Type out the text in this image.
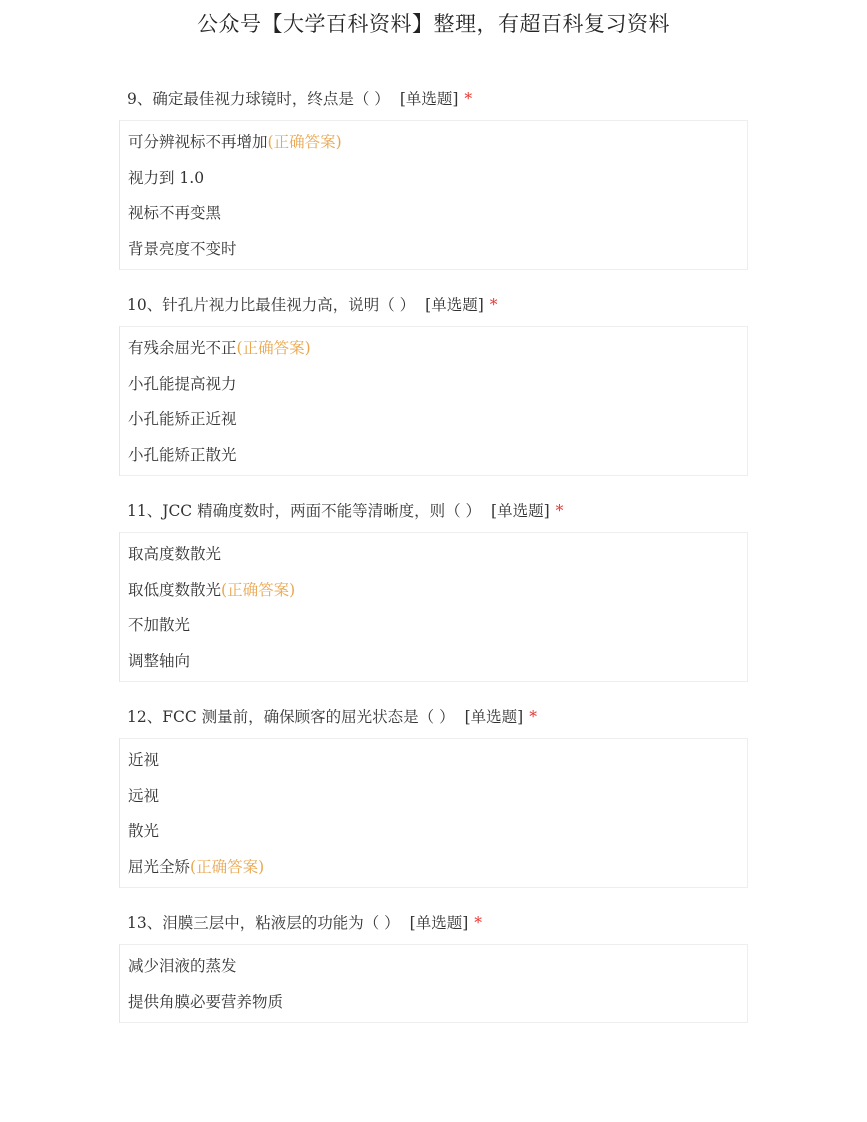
公众号【大学百科资料】整理，有超百科复习资料
9、确定最佳视力球镜时，终点是（ ） [单选题] *
可分辨视标不再增加(正确答案)
视力到 1.0
视标不再变黑
背景亮度不变时
10、针孔片视力比最佳视力高，说明（ ） [单选题] *
有残余屈光不正(正确答案)
小孔能提高视力
小孔能矫正近视
小孔能矫正散光
11、JCC 精确度数时，两面不能等清晰度，则（ ） [单选题] *
取高度数散光
取低度数散光(正确答案)
不加散光
调整轴向
12、FCC 测量前，确保顾客的屈光状态是（ ） [单选题] *
近视
远视
散光
屈光全矫(正确答案)
13、泪膜三层中，粘液层的功能为（ ） [单选题] *
减少泪液的蒸发
提供角膜必要营养物质
